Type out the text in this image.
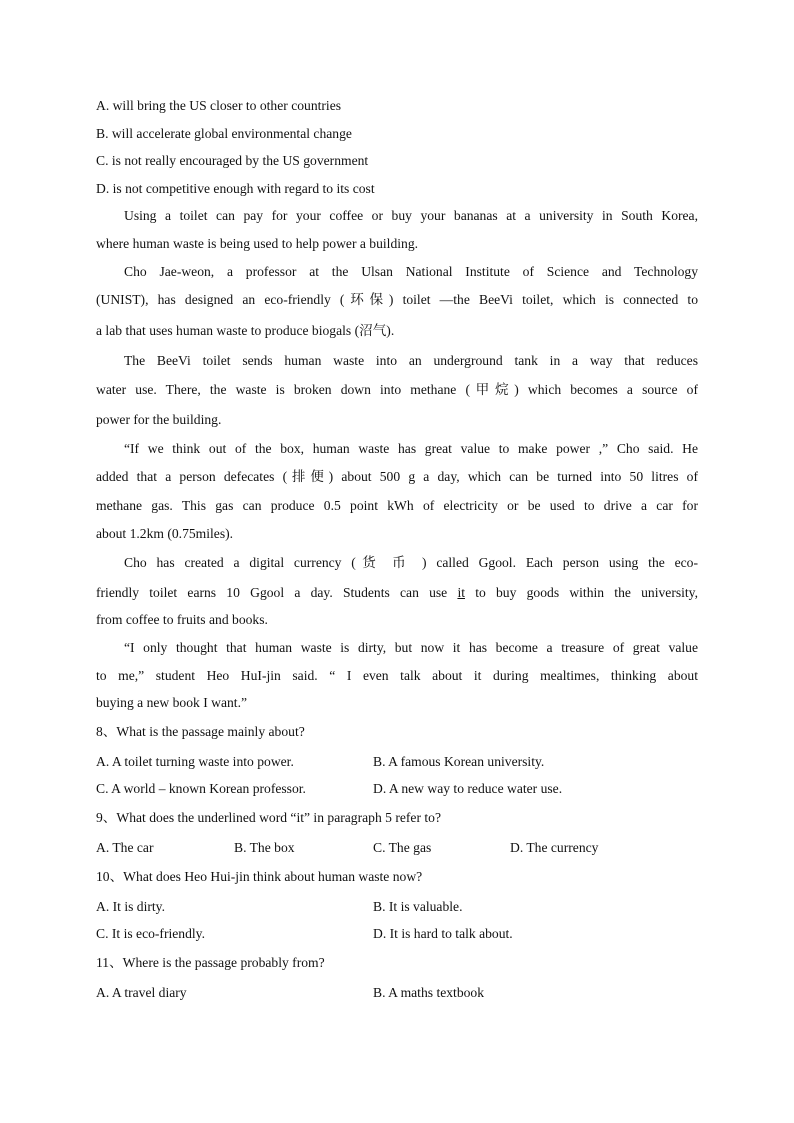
A. will bring the US closer to other countries
B. will accelerate global environmental change
C. is not really encouraged by the US government
D. is not competitive enough with regard to its cost
Using a toilet can pay for your coffee or buy your bananas at a university in South Korea,
where human waste is being used to help power a building.
Cho Jae-weon, a professor at the Ulsan National Institute of Science and Technology
(UNIST), has designed an eco-friendly (环保) toilet —the BeeVi toilet, which is connected to
a lab that uses human waste to produce biogals (沼气).
The BeeVi toilet sends human waste into an underground tank in a way that reduces
water use. There, the waste is broken down into methane (甲烷) which becomes a source of
power for the building.
“If we think out of the box, human waste has great value to make power ,” Cho said. He
added that a person defecates (排便) about 500 g a day, which can be turned into 50 litres of
methane gas. This gas can produce 0.5 point kWh of electricity or be used to drive a car for
about 1.2km (0.75miles).
Cho has created a digital currency (货 币 ) called Ggool. Each person using the eco-
friendly toilet earns 10 Ggool a day. Students can use it to buy goods within the university,
from coffee to fruits and books.
“I only thought that human waste is dirty, but now it has become a treasure of great value
to me,” student Heo HuI-jin said. “ I even talk about it during mealtimes, thinking about
buying a new book I want.”
8、What is the passage mainly about?
A. A toilet turning waste into power.	B. A famous Korean university.
C. A world – known Korean professor.	D. A new way to reduce water use.
9、What does the underlined word “it” in paragraph 5 refer to?
A. The car	B. The box	C. The gas	D. The currency
10、What does Heo Hui-jin think about human waste now?
A. It is dirty.	B. It is valuable.
C. It is eco-friendly.	D. It is hard to talk about.
11、Where is the passage probably from?
A. A travel diary	B. A maths textbook
